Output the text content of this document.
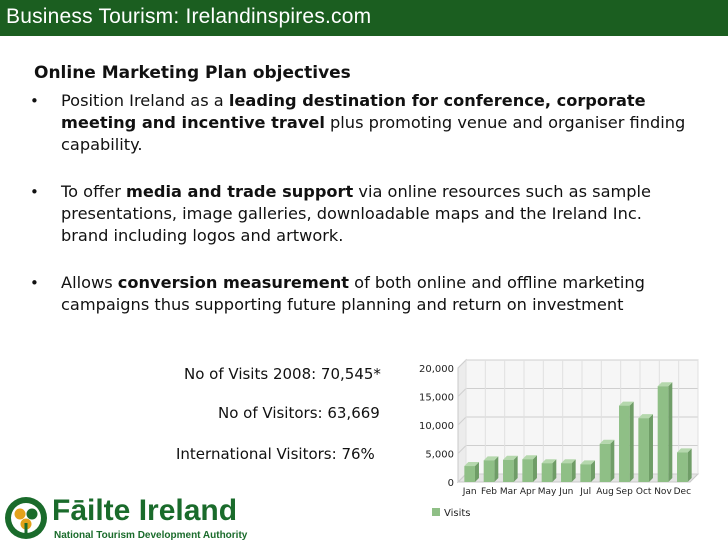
Business Tourism: Irelandinspires.com
Online Marketing Plan objectives
• Position Ireland as a leading destination for conference, corporate meeting and incentive travel plus promoting venue and organiser finding capability.
• To offer media and trade support via online resources such as sample presentations, image galleries, downloadable maps and the Ireland Inc. brand including logos and artwork.
• Allows conversion measurement of both online and offline marketing campaigns thus supporting future planning and return on investment
No of Visits 2008: 70,545*
No of Visitors: 63,669
International Visitors: 76%
0
5,000
10,000
15,000
20,000
Jan Feb Mar Apr May Jun Jul Aug Sep Oct Nov Dec
Visits
Fāilte Ireland
National Tourism Development Authority
